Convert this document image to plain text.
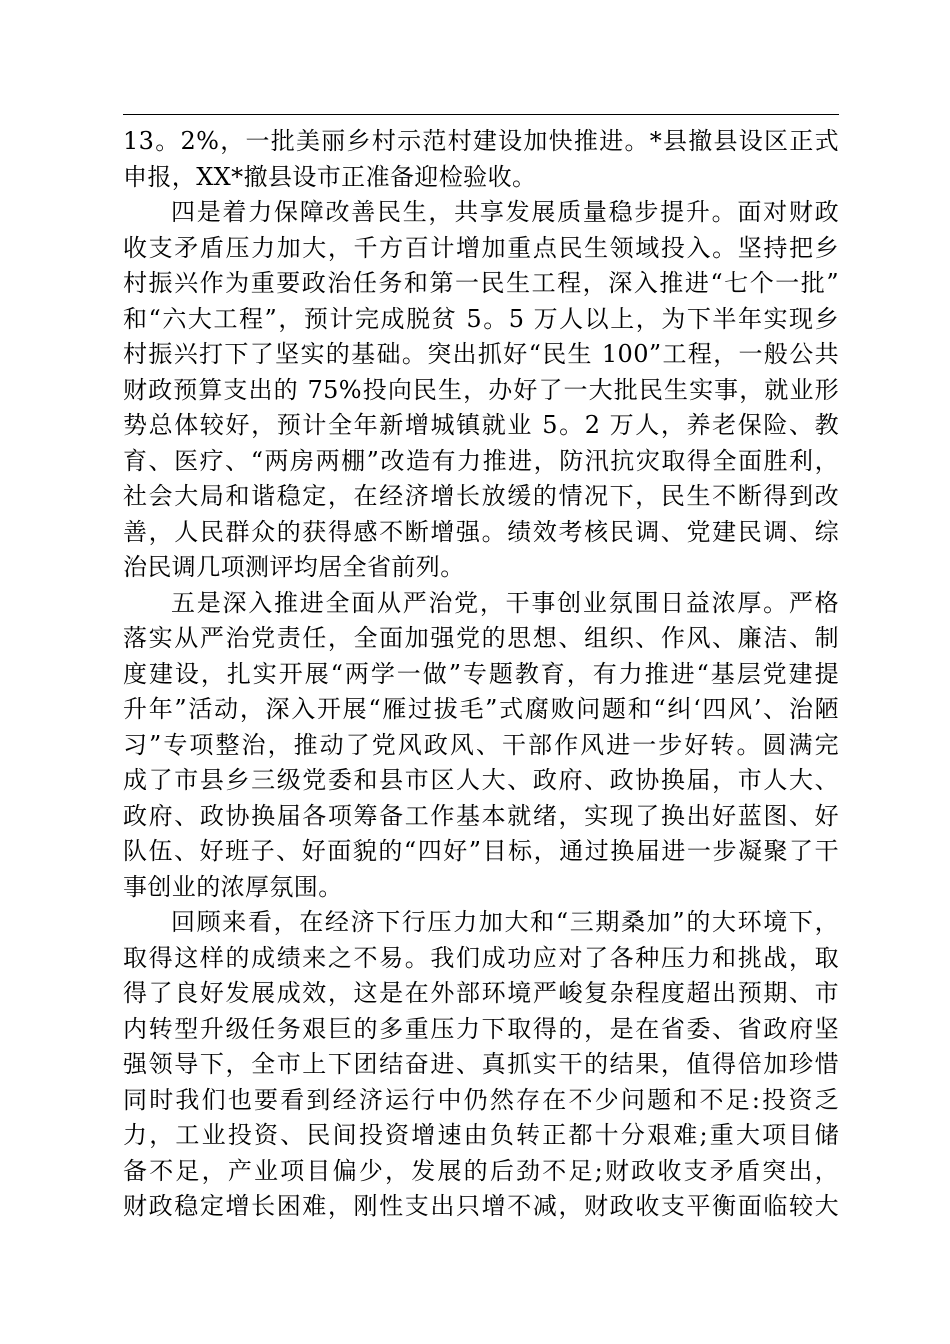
13。2%，一批美丽乡村示范村建设加快推进。*县撤县设区正式
申报，XX*撤县设市正准备迎检验收。
四是着力保障改善民生，共享发展质量稳步提升。面对财政
收支矛盾压力加大，千方百计增加重点民生领域投入。坚持把乡
村振兴作为重要政治任务和第一民生工程，深入推进“七个一批”
和“六大工程”，预计完成脱贫 5。5 万人以上，为下半年实现乡
村振兴打下了坚实的基础。突出抓好“民生 100”工程，一般公共
财政预算支出的 75%投向民生，办好了一大批民生实事，就业形
势总体较好，预计全年新增城镇就业 5。2 万人，养老保险、教
育、医疗、“两房两棚”改造有力推进，防汛抗灾取得全面胜利，
社会大局和谐稳定，在经济增长放缓的情况下，民生不断得到改
善，人民群众的获得感不断增强。绩效考核民调、党建民调、综
治民调几项测评均居全省前列。
五是深入推进全面从严治党，干事创业氛围日益浓厚。严格
落实从严治党责任，全面加强党的思想、组织、作风、廉洁、制
度建设，扎实开展“两学一做”专题教育，有力推进“基层党建提
升年”活动，深入开展“雁过拔毛”式腐败问题和“纠‘四风’、治陋
习”专项整治，推动了党风政风、干部作风进一步好转。圆满完
成了市县乡三级党委和县市区人大、政府、政协换届，市人大、
政府、政协换届各项筹备工作基本就绪，实现了换出好蓝图、好
队伍、好班子、好面貌的“四好”目标，通过换届进一步凝聚了干
事创业的浓厚氛围。
回顾来看，在经济下行压力加大和“三期桑加”的大环境下，
取得这样的成绩来之不易。我们成功应对了各种压力和挑战，取
得了良好发展成效，这是在外部环境严峻复杂程度超出预期、市
内转型升级任务艰巨的多重压力下取得的，是在省委、省政府坚
强领导下，全市上下团结奋进、真抓实干的结果，值得倍加珍惜
同时我们也要看到经济运行中仍然存在不少问题和不足:投资乏
力，工业投资、民间投资增速由负转正都十分艰难;重大项目储
备不足，产业项目偏少，发展的后劲不足;财政收支矛盾突出，
财政稳定增长困难，刚性支出只增不减，财政收支平衡面临较大
